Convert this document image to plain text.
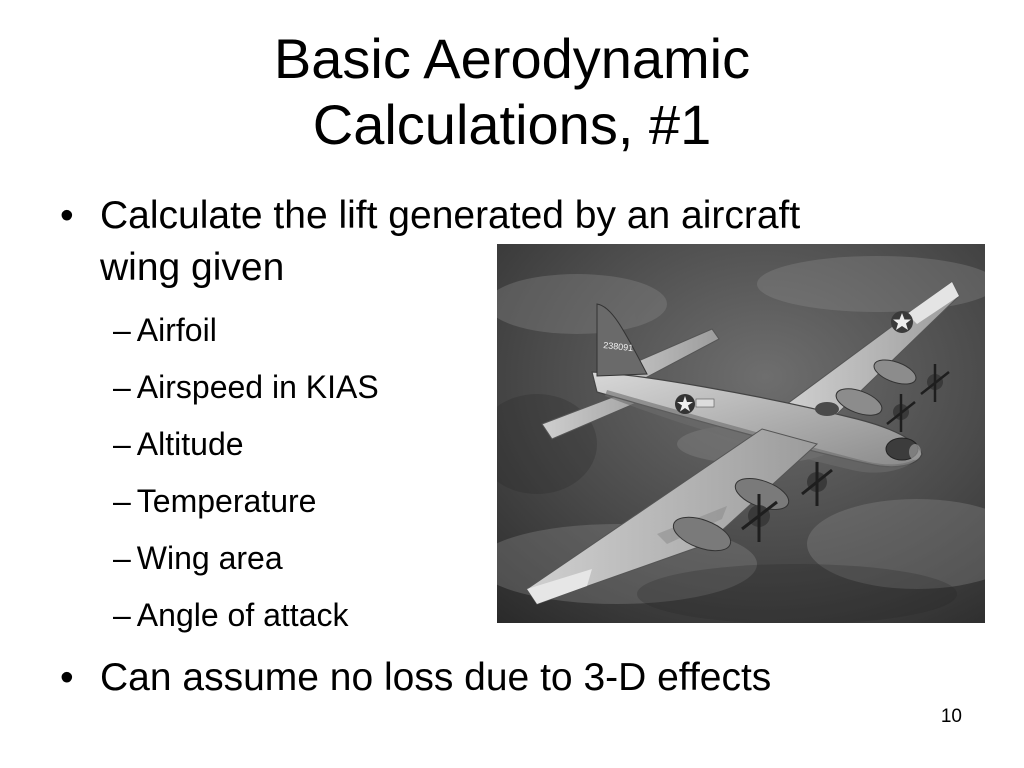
Basic Aerodynamic
Calculations, #1
• Calculate the lift generated by an aircraft
wing given
– Airfoil
– Airspeed in KIAS
– Altitude
– Temperature
– Wing area
– Angle of attack
• Can assume no loss due to 3-D effects
238091
10
